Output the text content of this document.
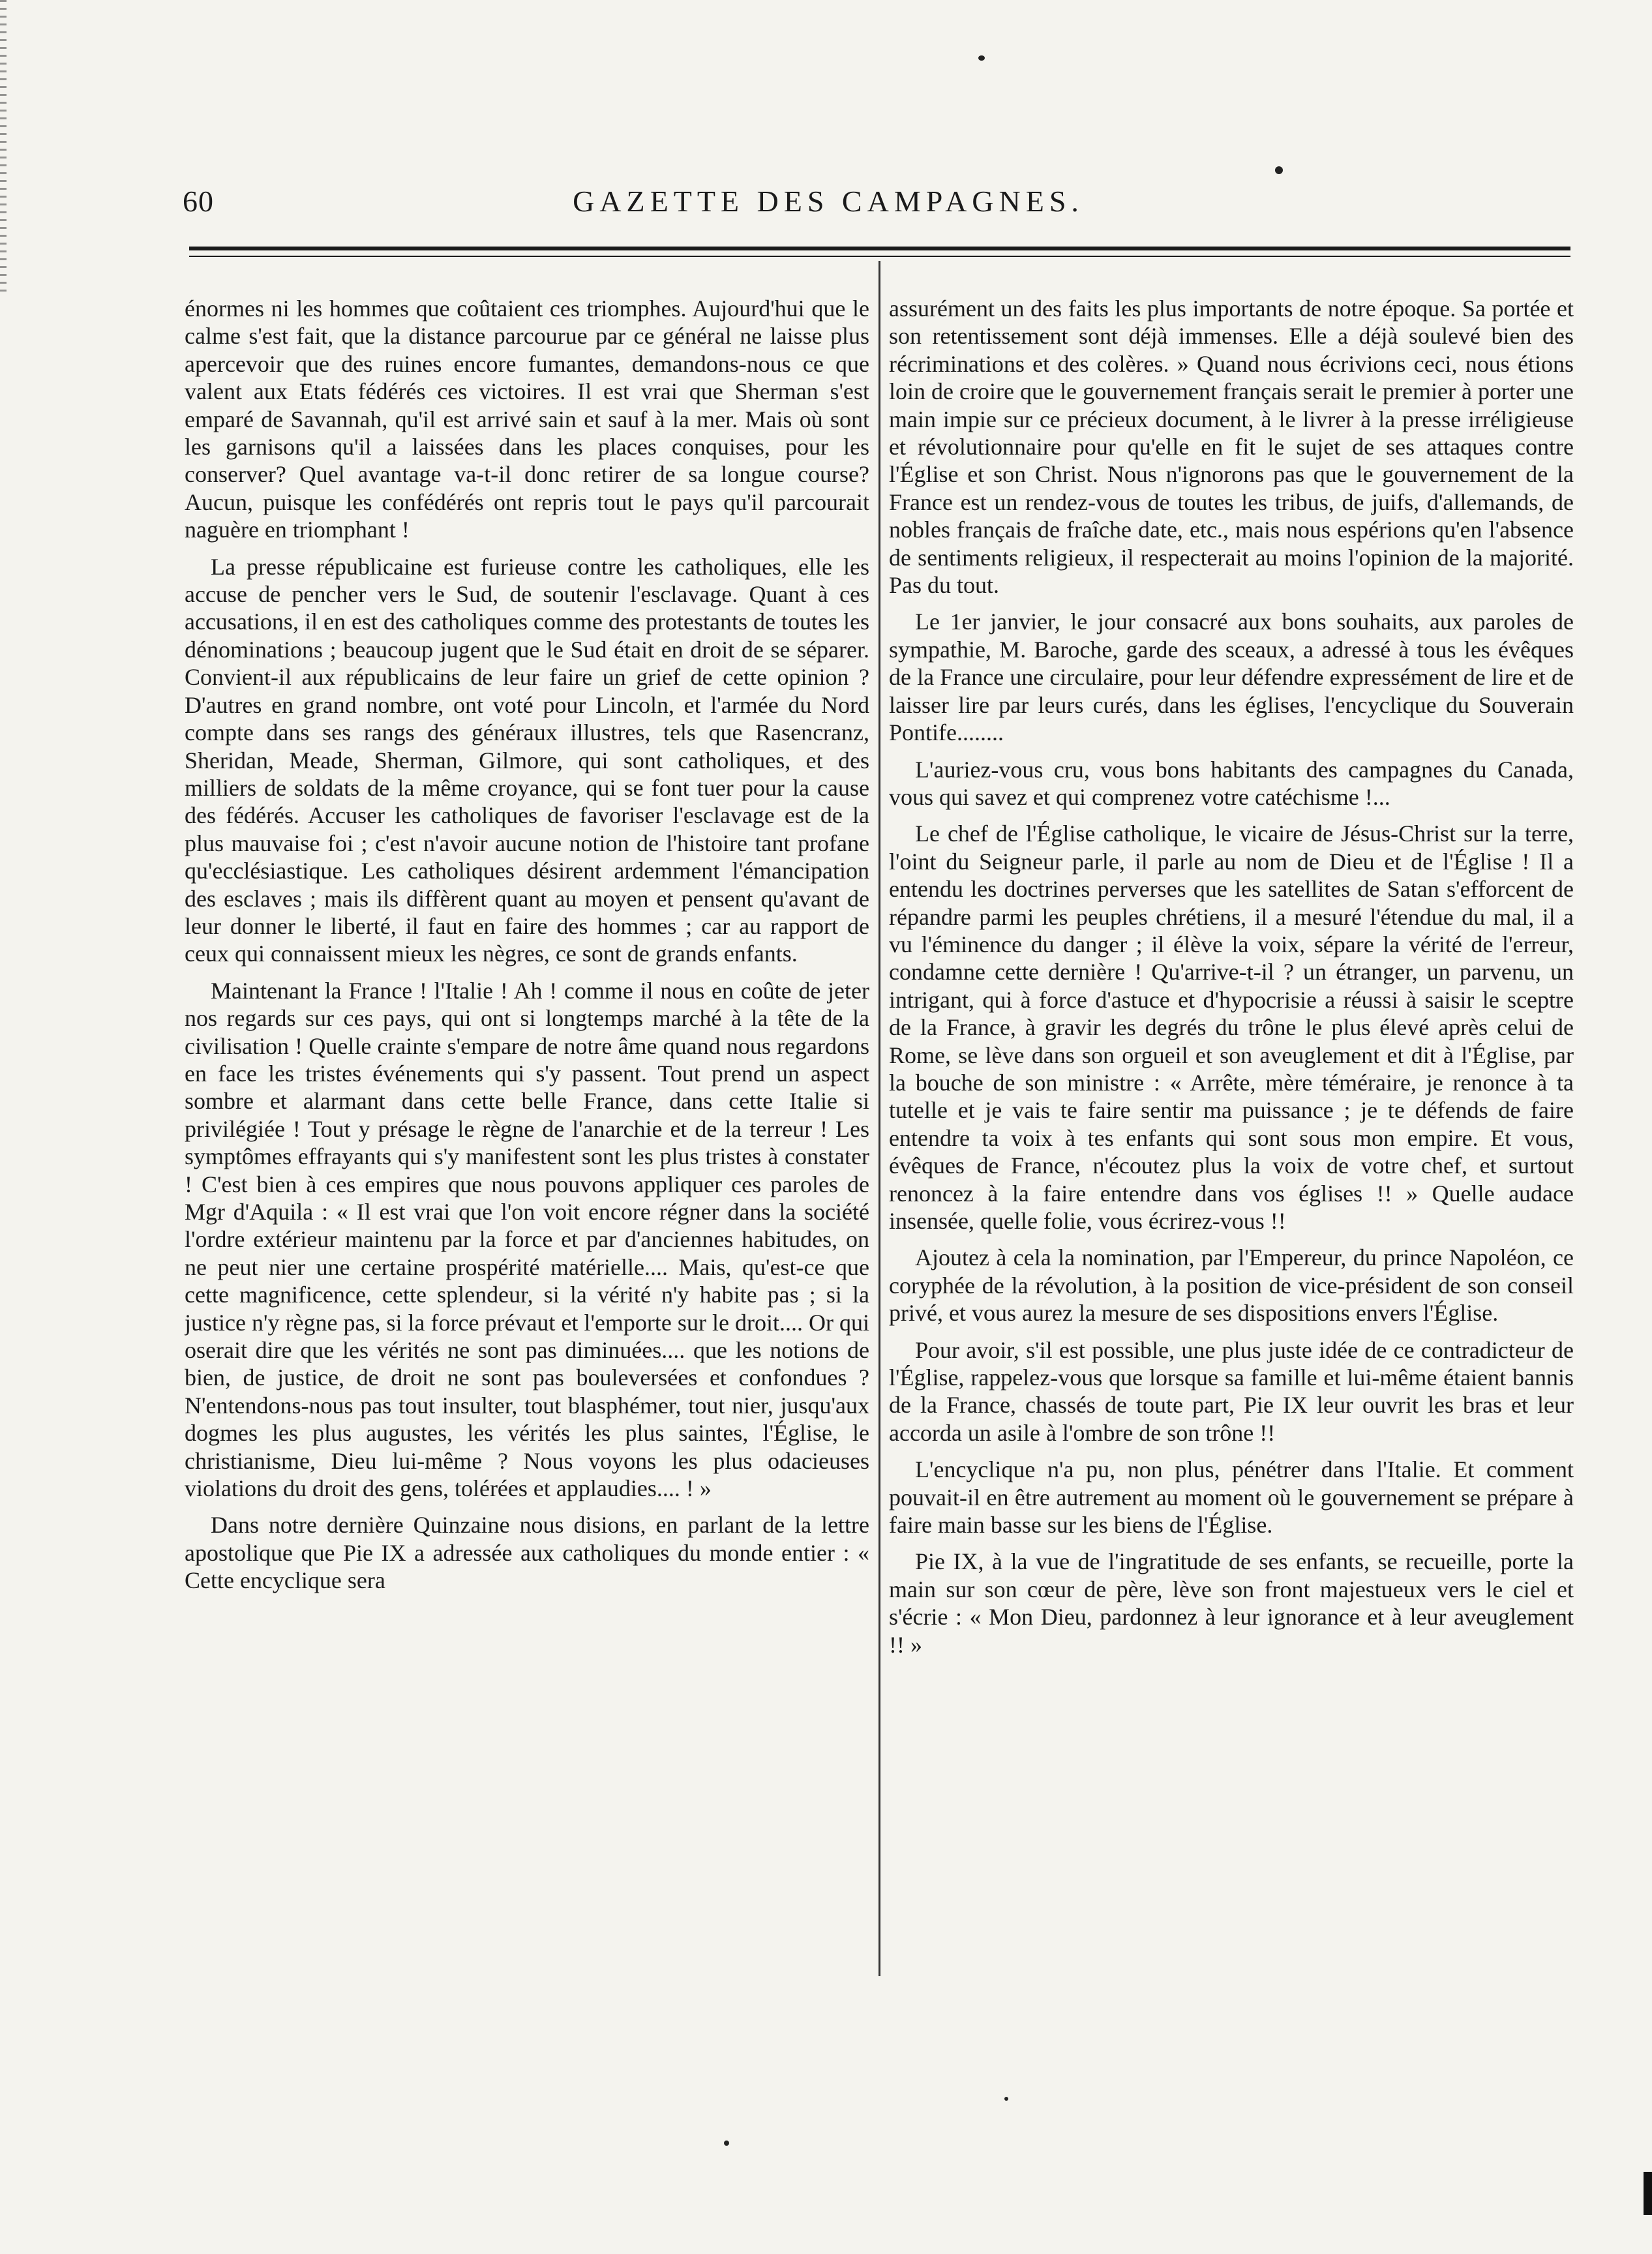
60	GAZETTE DES CAMPAGNES.

énormes ni les hommes que coûtaient ces triomphes. Aujourd'hui que le calme s'est fait, que la distance parcourue par ce général ne laisse plus apercevoir que des ruines encore fumantes, demandons-nous ce que valent aux Etats fédérés ces victoires. Il est vrai que Sherman s'est emparé de Savannah, qu'il est arrivé sain et sauf à la mer. Mais où sont les garnisons qu'il a laissées dans les places conquises, pour les conserver? Quel avantage va-t-il donc retirer de sa longue course? Aucun, puisque les confédérés ont repris tout le pays qu'il parcourait naguère en triomphant !

La presse républicaine est furieuse contre les catholiques, elle les accuse de pencher vers le Sud, de soutenir l'esclavage. Quant à ces accusations, il en est des catholiques comme des protestants de toutes les dénominations ; beaucoup jugent que le Sud était en droit de se séparer. Convient-il aux républicains de leur faire un grief de cette opinion ? D'autres en grand nombre, ont voté pour Lincoln, et l'armée du Nord compte dans ses rangs des généraux illustres, tels que Rasencranz, Sheridan, Meade, Sherman, Gilmore, qui sont catholiques, et des milliers de soldats de la même croyance, qui se font tuer pour la cause des fédérés. Accuser les catholiques de favoriser l'esclavage est de la plus mauvaise foi ; c'est n'avoir aucune notion de l'histoire tant profane qu'ecclésiastique. Les catholiques désirent ardemment l'émancipation des esclaves ; mais ils diffèrent quant au moyen et pensent qu'avant de leur donner le liberté, il faut en faire des hommes ; car au rapport de ceux qui connaissent mieux les nègres, ce sont de grands enfants.

Maintenant la France ! l'Italie ! Ah ! comme il nous en coûte de jeter nos regards sur ces pays, qui ont si longtemps marché à la tête de la civilisation ! Quelle crainte s'empare de notre âme quand nous regardons en face les tristes événements qui s'y passent. Tout prend un aspect sombre et alarmant dans cette belle France, dans cette Italie si privilégiée ! Tout y présage le règne de l'anarchie et de la terreur ! Les symptômes effrayants qui s'y manifestent sont les plus tristes à constater ! C'est bien à ces empires que nous pouvons appliquer ces paroles de Mgr d'Aquila : « Il est vrai que l'on voit encore régner dans la société l'ordre extérieur maintenu par la force et par d'anciennes habitudes, on ne peut nier une certaine prospérité matérielle.... Mais, qu'est-ce que cette magnificence, cette splendeur, si la vérité n'y habite pas ; si la justice n'y règne pas, si la force prévaut et l'emporte sur le droit.... Or qui oserait dire que les vérités ne sont pas diminuées.... que les notions de bien, de justice, de droit ne sont pas bouleversées et confondues ? N'entendons-nous pas tout insulter, tout blasphémer, tout nier, jusqu'aux dogmes les plus augustes, les vérités les plus saintes, l'Église, le christianisme, Dieu lui-même ? Nous voyons les plus odacieuses violations du droit des gens, tolérées et applaudies.... ! »

Dans notre dernière Quinzaine nous disions, en parlant de la lettre apostolique que Pie IX a adressée aux catholiques du monde entier : « Cette encyclique sera

assurément un des faits les plus importants de notre époque. Sa portée et son retentissement sont déjà immenses. Elle a déjà soulevé bien des récriminations et des colères. » Quand nous écrivions ceci, nous étions loin de croire que le gouvernement français serait le premier à porter une main impie sur ce précieux document, à le livrer à la presse irréligieuse et révolutionnaire pour qu'elle en fit le sujet de ses attaques contre l'Église et son Christ. Nous n'ignorons pas que le gouvernement de la France est un rendez-vous de toutes les tribus, de juifs, d'allemands, de nobles français de fraîche date, etc., mais nous espérions qu'en l'absence de sentiments religieux, il respecterait au moins l'opinion de la majorité. Pas du tout.

Le 1er janvier, le jour consacré aux bons souhaits, aux paroles de sympathie, M. Baroche, garde des sceaux, a adressé à tous les évêques de la France une circulaire, pour leur défendre expressément de lire et de laisser lire par leurs curés, dans les églises, l'encyclique du Souverain Pontife........

L'auriez-vous cru, vous bons habitants des campagnes du Canada, vous qui savez et qui comprenez votre catéchisme !...

Le chef de l'Église catholique, le vicaire de Jésus-Christ sur la terre, l'oint du Seigneur parle, il parle au nom de Dieu et de l'Église ! Il a entendu les doctrines perverses que les satellites de Satan s'efforcent de répandre parmi les peuples chrétiens, il a mesuré l'étendue du mal, il a vu l'éminence du danger ; il élève la voix, sépare la vérité de l'erreur, condamne cette dernière ! Qu'arrive-t-il ? un étranger, un parvenu, un intrigant, qui à force d'astuce et d'hypocrisie a réussi à saisir le sceptre de la France, à gravir les degrés du trône le plus élevé après celui de Rome, se lève dans son orgueil et son aveuglement et dit à l'Église, par la bouche de son ministre : « Arrête, mère téméraire, je renonce à ta tutelle et je vais te faire sentir ma puissance ; je te défends de faire entendre ta voix à tes enfants qui sont sous mon empire. Et vous, évêques de France, n'écoutez plus la voix de votre chef, et surtout renoncez à la faire entendre dans vos églises !! » Quelle audace insensée, quelle folie, vous écrirez-vous !!

Ajoutez à cela la nomination, par l'Empereur, du prince Napoléon, ce coryphée de la révolution, à la position de vice-président de son conseil privé, et vous aurez la mesure de ses dispositions envers l'Église.

Pour avoir, s'il est possible, une plus juste idée de ce contradicteur de l'Église, rappelez-vous que lorsque sa famille et lui-même étaient bannis de la France, chassés de toute part, Pie IX leur ouvrit les bras et leur accorda un asile à l'ombre de son trône !!

L'encyclique n'a pu, non plus, pénétrer dans l'Italie. Et comment pouvait-il en être autrement au moment où le gouvernement se prépare à faire main basse sur les biens de l'Église.

Pie IX, à la vue de l'ingratitude de ses enfants, se recueille, porte la main sur son cœur de père, lève son front majestueux vers le ciel et s'écrie : « Mon Dieu, pardonnez à leur ignorance et à leur aveuglement !! »
